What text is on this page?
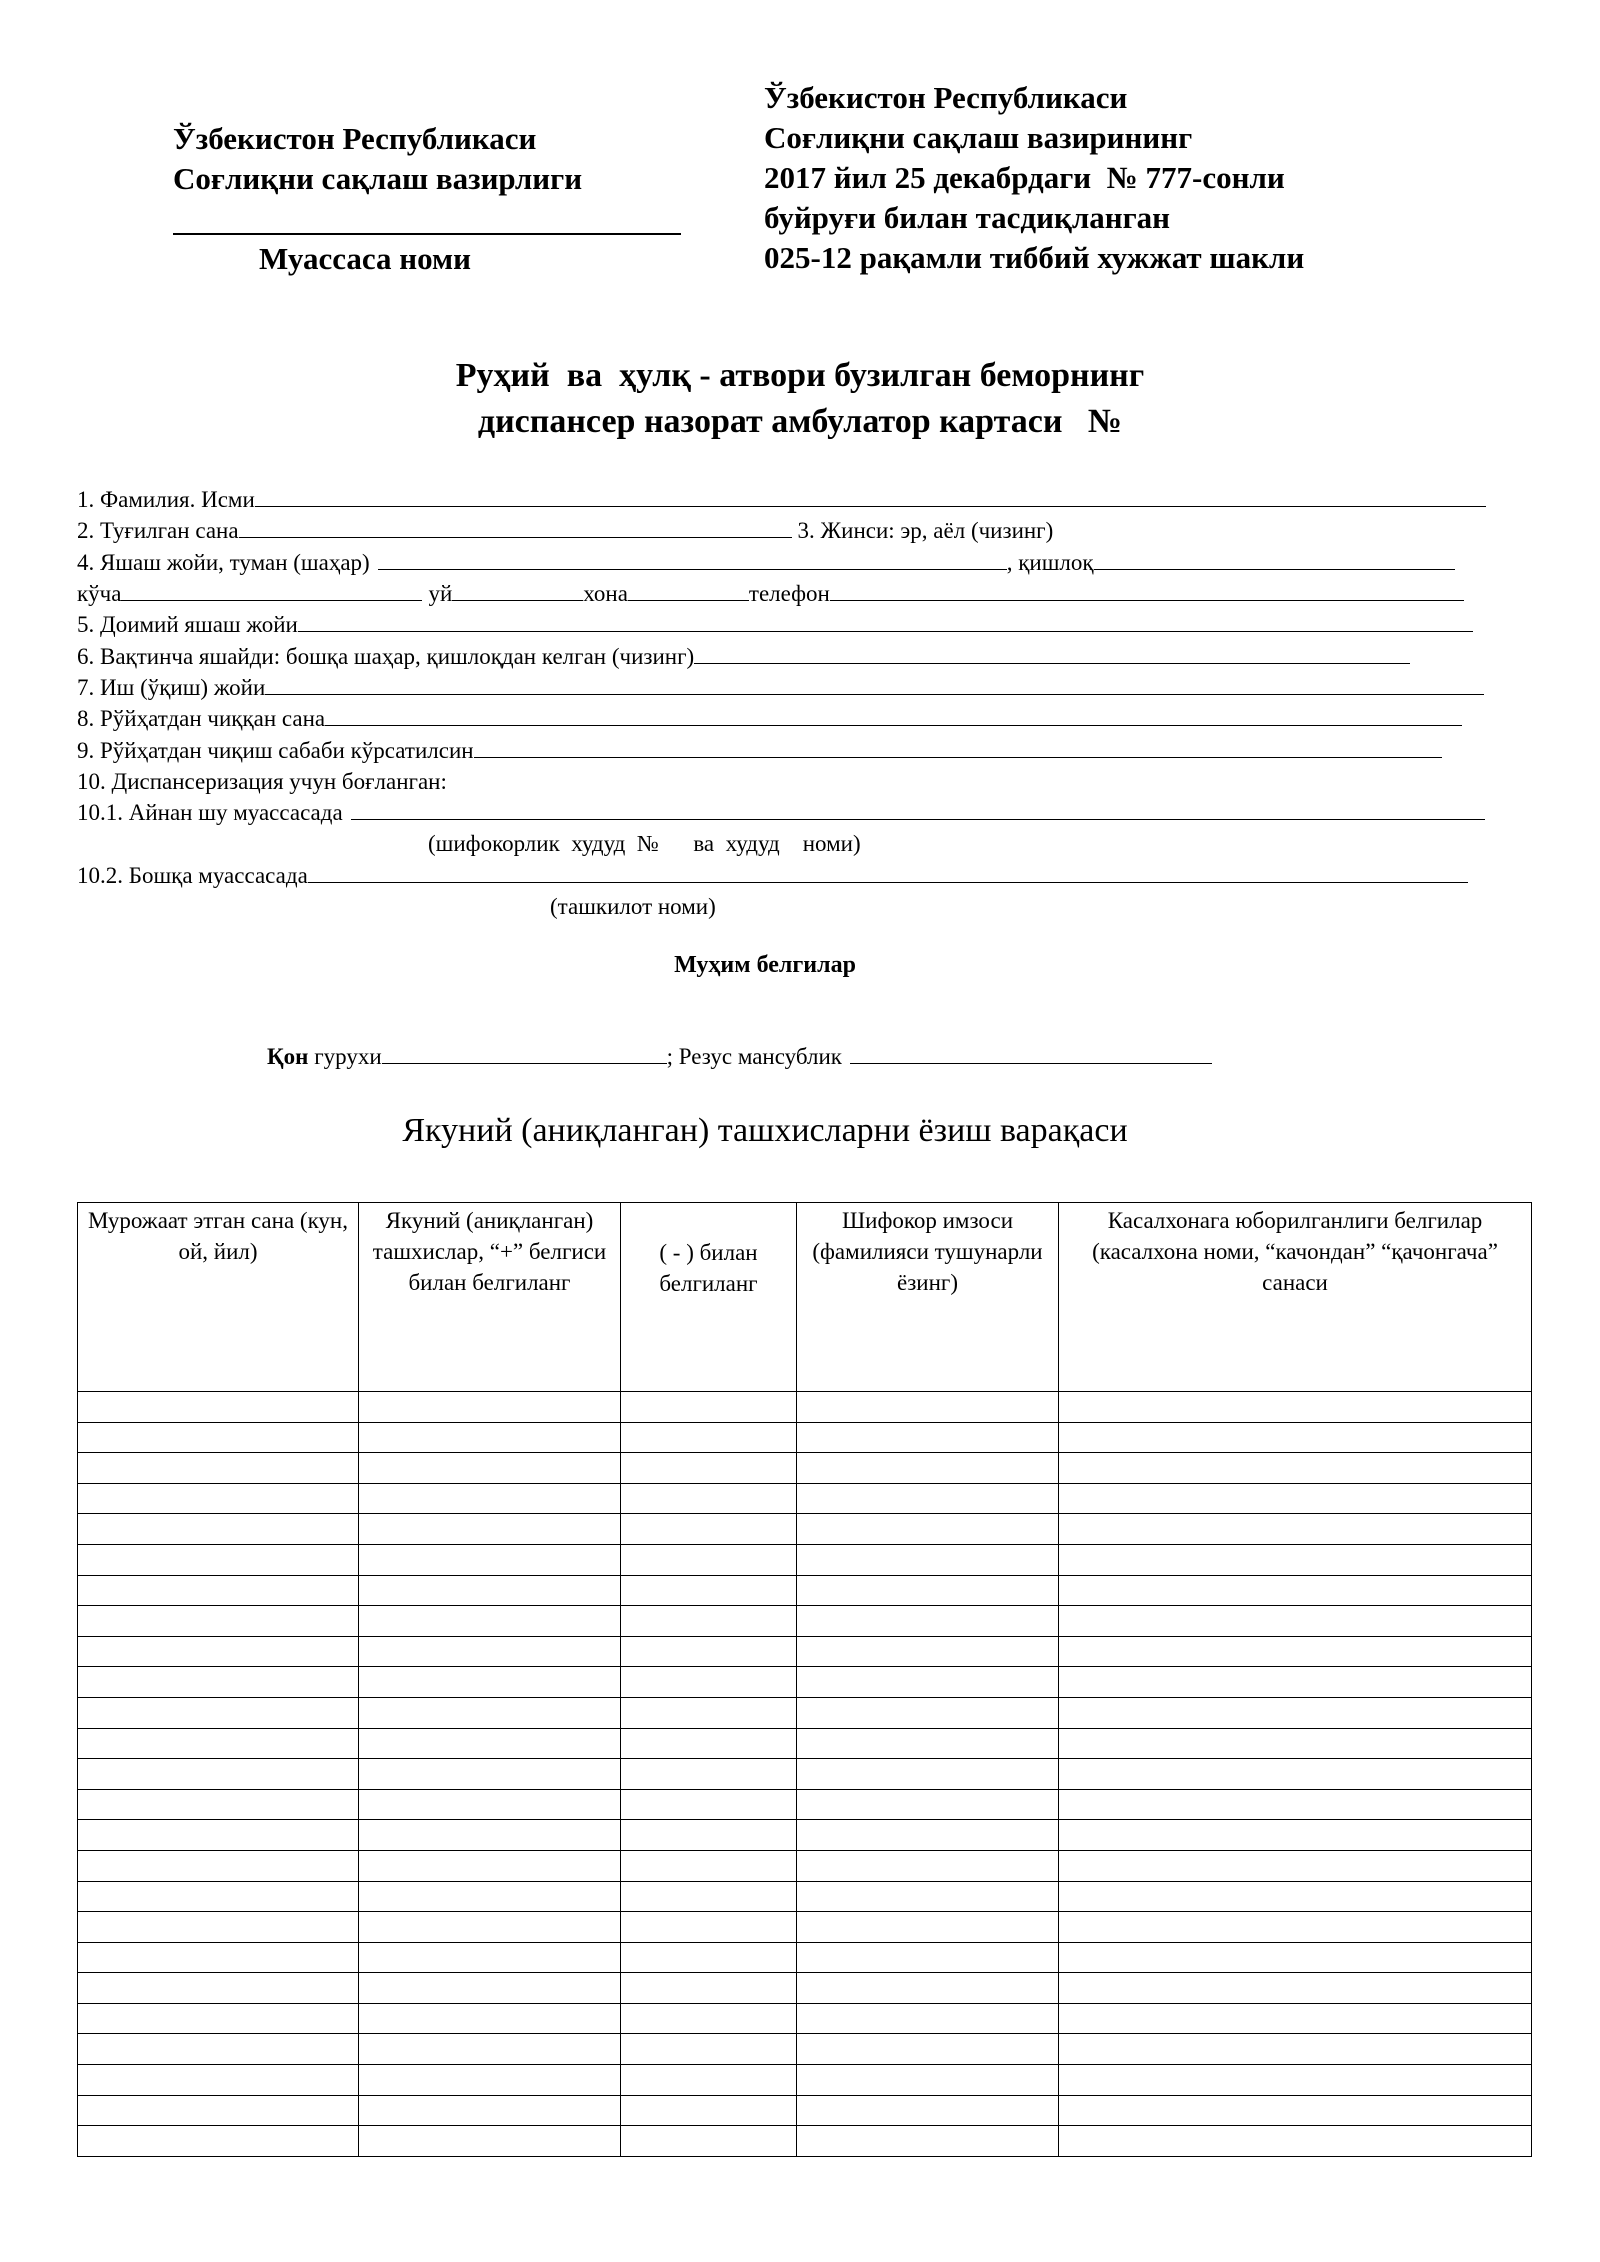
Ўзбекистон Республикаси
Соғлиқни сақлаш вазирлиги
Муассаса номи
Ўзбекистон Республикаси
Соғлиқни сақлаш вазирининг
2017 йил 25 декабрдаги  № 777-сонли
буйруғи билан тасдиқланган
025-12 рақамли тиббий хужжат шакли
Руҳий  ва  ҳулқ - атвори бузилган беморнинг
диспансер назорат амбулатор картаси   №
1. Фамилия. Исми
2. Туғилган сана	3. Жинси: эр, аёл (чизинг)
4. Яшаш жойи, туман (шаҳар)	, қишлоқ
кўча	уй	хона	телефон
5. Доимий яшаш жойи
6. Вақтинча яшайди: бошқа шаҳар, қишлоқдан келган (чизинг)
7. Иш (ўқиш) жойи
8. Рўйҳатдан чиққан сана
9. Рўйҳатдан чиқиш сабаби кўрсатилсин
10. Диспансеризация учун боғланган:
10.1. Айнан шу муассасада
(шифокорлик  худуд  №      ва  худуд    номи)
10.2. Бошқа муассасада
(ташкилот номи)
Муҳим белгилар
Қон гурухи	; Резус мансублик
Якуний (аниқланган) ташхисларни ёзиш варақаси
Мурожаат этган сана (кун, ой, йил)	Якуний (аниқланган) ташхислар, “+” белгиси билан белгиланг	( - ) билан белгиланг	Шифокор имзоси (фамилияси тушунарли ёзинг)	Касалхонага юборилганлиги белгилар (касалхона номи, “качондан” “қачонгача” санаси
